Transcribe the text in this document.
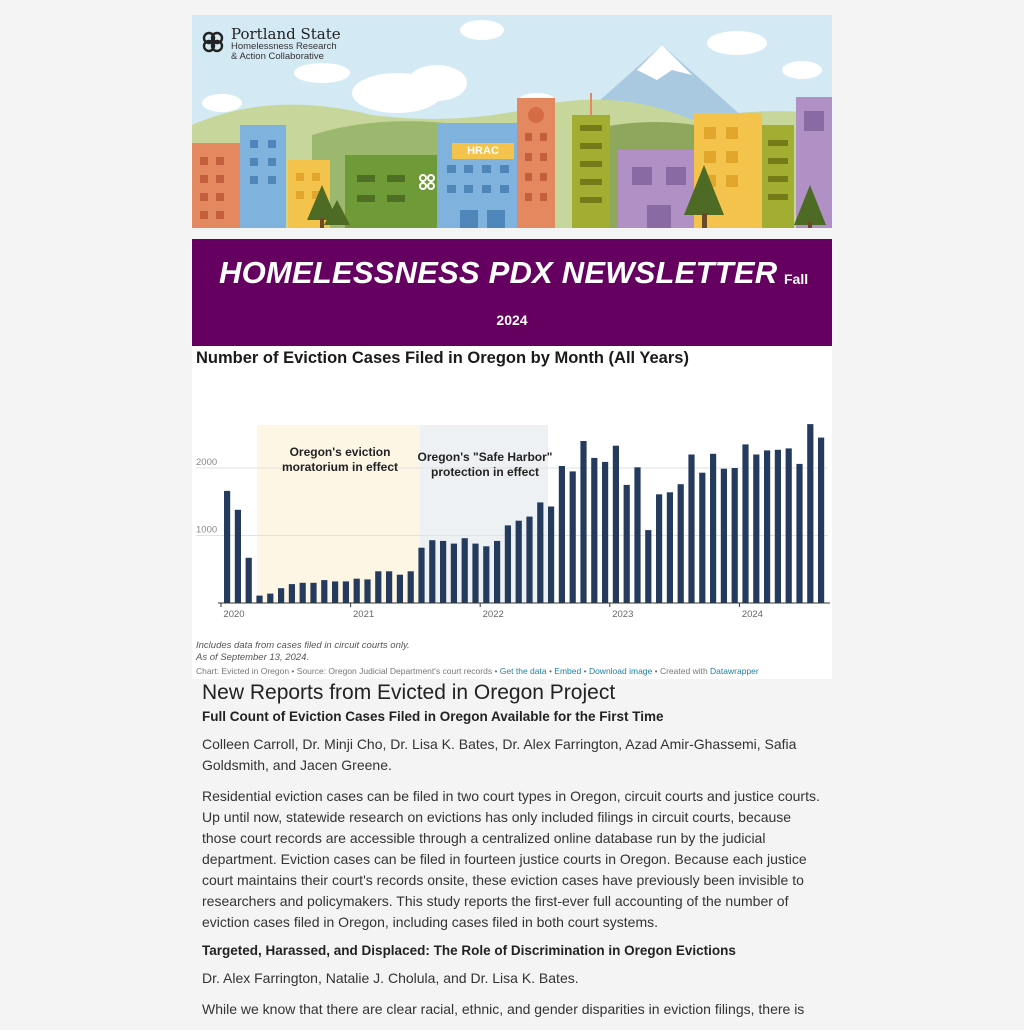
Portland State
Homelessness Research
& Action Collaborative
HRAC
HOMELESSNESS PDX NEWSLETTER Fall
2024
1000
2000
2020	2021	2022	2023	2024
Oregon's eviction
moratorium in effect
Oregon's "Safe Harbor"
protection in effect
Number of Eviction Cases Filed in Oregon by Month (All Years)
Includes data from cases filed in circuit courts only.
As of September 13, 2024.
Chart: Evicted in Oregon • Source: Oregon Judicial Department's court records • Get the data • Embed • Download image • Created with Datawrapper
New Reports from Evicted in Oregon Project
Full Count of Eviction Cases Filed in Oregon Available for the First Time

Colleen Carroll, Dr. Minji Cho, Dr. Lisa K. Bates, Dr. Alex Farrington, Azad Amir-Ghassemi, Safia Goldsmith, and Jacen Greene.

Residential eviction cases can be filed in two court types in Oregon, circuit courts and justice courts. Up until now, statewide research on evictions has only included filings in circuit courts, because those court records are accessible through a centralized online database run by the judicial department. Eviction cases can be filed in fourteen justice courts in Oregon. Because each justice court maintains their court's records onsite, these eviction cases have previously been invisible to researchers and policymakers. This study reports the first-ever full accounting of the number of eviction cases filed in Oregon, including cases filed in both court systems.

Targeted, Harassed, and Displaced: The Role of Discrimination in Oregon Evictions

Dr. Alex Farrington, Natalie J. Cholula, and Dr. Lisa K. Bates.

While we know that there are clear racial, ethnic, and gender disparities in eviction filings, there is
